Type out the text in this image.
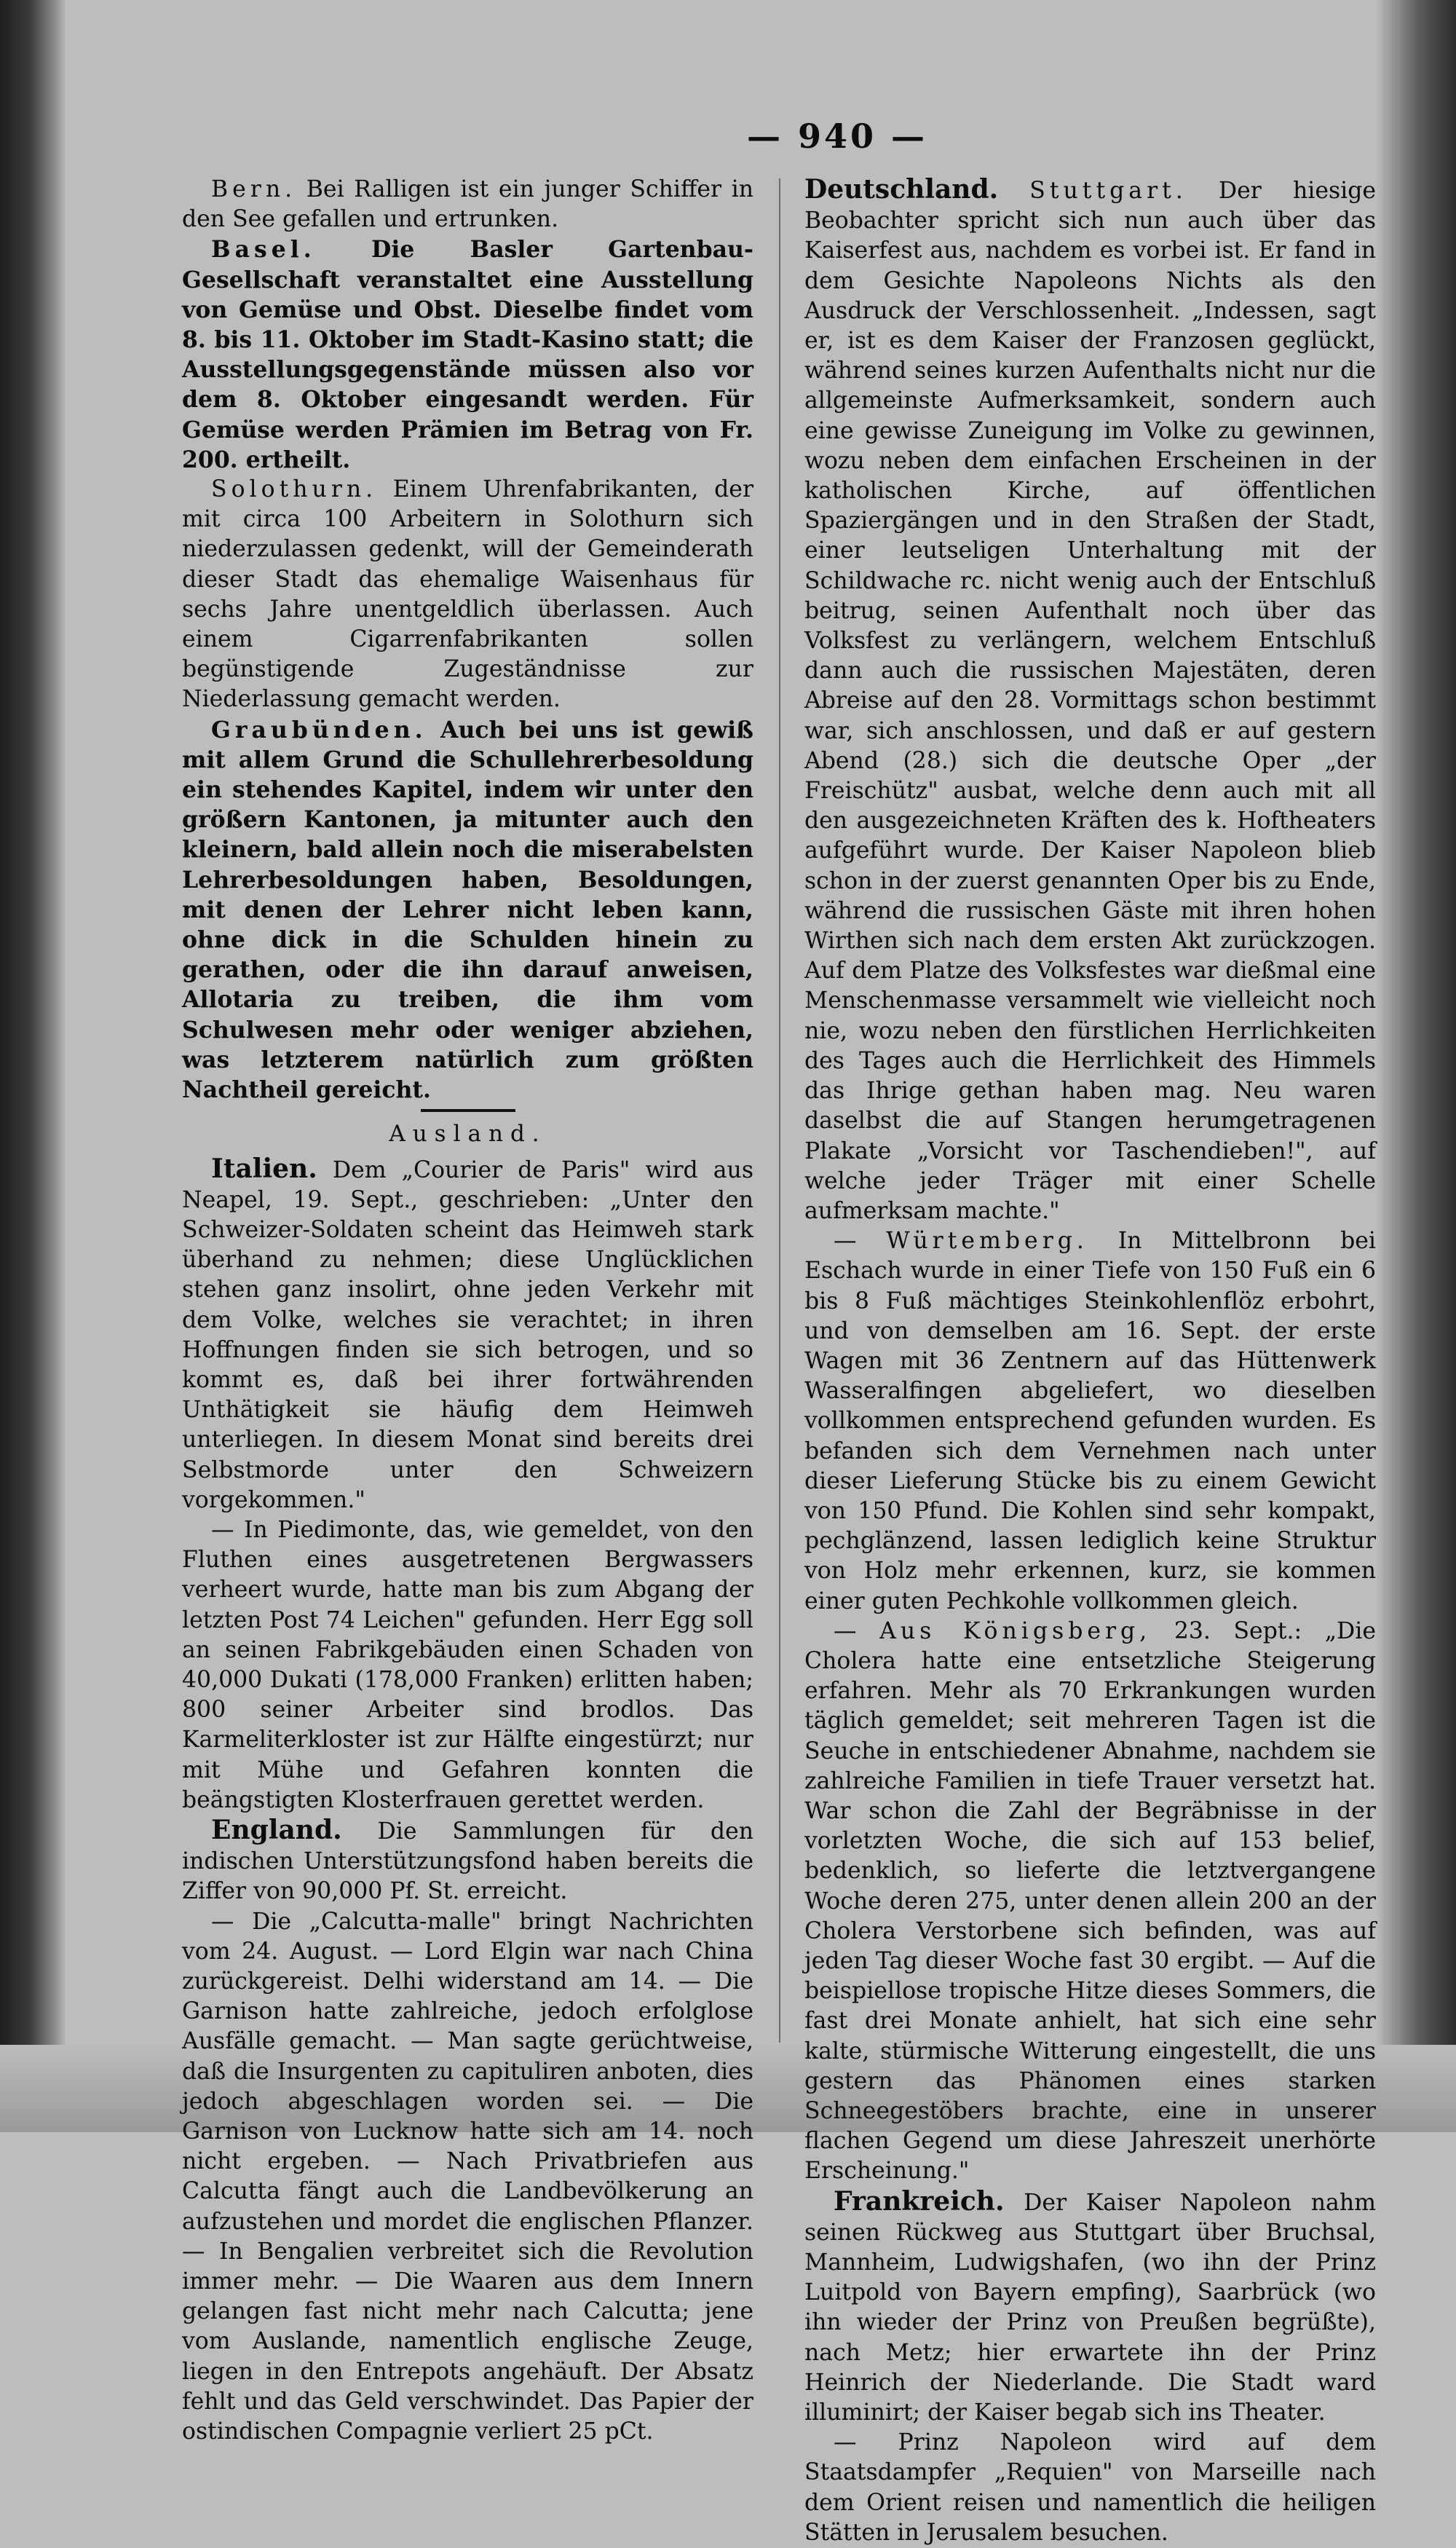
— 940 —

Bern. Bei Ralligen ist ein junger Schiffer in den See gefallen und ertrunken.

Basel. Die Basler Gartenbau-Gesellschaft veranstaltet eine Ausstellung von Gemüse und Obst. Dieselbe findet vom 8. bis 11. Oktober im Stadt-Kasino statt; die Ausstellungsgegenstände müssen also vor dem 8. Oktober eingesandt werden. Für Gemüse werden Prämien im Betrag von Fr. 200. ertheilt.

Solothurn. Einem Uhrenfabrikanten, der mit circa 100 Arbeitern in Solothurn sich niederzulassen gedenkt, will der Gemeinderath dieser Stadt das ehemalige Waisenhaus für sechs Jahre unentgeldlich überlassen. Auch einem Cigarrenfabrikanten sollen begünstigende Zugeständnisse zur Niederlassung gemacht werden.

Graubünden. Auch bei uns ist gewiß mit allem Grund die Schullehrerbesoldung ein stehendes Kapitel, indem wir unter den größern Kantonen, ja mitunter auch den kleinern, bald allein noch die miserabelsten Lehrerbesoldungen haben, Besoldungen, mit denen der Lehrer nicht leben kann, ohne dick in die Schulden hinein zu gerathen, oder die ihn darauf anweisen, Allotaria zu treiben, die ihm vom Schulwesen mehr oder weniger abziehen, was letzterem natürlich zum größten Nachtheil gereicht.

Ausland.

Italien. Dem „Courier de Paris" wird aus Neapel, 19. Sept., geschrieben: „Unter den Schweizer-Soldaten scheint das Heimweh stark überhand zu nehmen; diese Unglücklichen stehen ganz insolirt, ohne jeden Verkehr mit dem Volke, welches sie verachtet; in ihren Hoffnungen finden sie sich betrogen, und so kommt es, daß bei ihrer fortwährenden Unthätigkeit sie häufig dem Heimweh unterliegen. In diesem Monat sind bereits drei Selbstmorde unter den Schweizern vorgekommen."

— In Piedimonte, das, wie gemeldet, von den Fluthen eines ausgetretenen Bergwassers verheert wurde, hatte man bis zum Abgang der letzten Post 74 Leichen" gefunden. Herr Egg soll an seinen Fabrikgebäuden einen Schaden von 40,000 Dukati (178,000 Franken) erlitten haben; 800 seiner Arbeiter sind brodlos. Das Karmeliterkloster ist zur Hälfte eingestürzt; nur mit Mühe und Gefahren konnten die beängstigten Klosterfrauen gerettet werden.

England. Die Sammlungen für den indischen Unterstützungsfond haben bereits die Ziffer von 90,000 Pf. St. erreicht.

— Die „Calcutta-malle" bringt Nachrichten vom 24. August. — Lord Elgin war nach China zurückgereist. Delhi widerstand am 14. — Die Garnison hatte zahlreiche, jedoch erfolglose Ausfälle gemacht. — Man sagte gerüchtweise, daß die Insurgenten zu capituliren anboten, dies jedoch abgeschlagen worden sei. — Die Garnison von Lucknow hatte sich am 14. noch nicht ergeben. — Nach Privatbriefen aus Calcutta fängt auch die Landbevölkerung an aufzustehen und mordet die englischen Pflanzer. — In Bengalien verbreitet sich die Revolution immer mehr. — Die Waaren aus dem Innern gelangen fast nicht mehr nach Calcutta; jene vom Auslande, namentlich englische Zeuge, liegen in den Entrepots angehäuft. Der Absatz fehlt und das Geld verschwindet. Das Papier der ostindischen Compagnie verliert 25 pCt.

Deutschland. Stuttgart. Der hiesige Beobachter spricht sich nun auch über das Kaiserfest aus, nachdem es vorbei ist. Er fand in dem Gesichte Napoleons Nichts als den Ausdruck der Verschlossenheit. „Indessen, sagt er, ist es dem Kaiser der Franzosen geglückt, während seines kurzen Aufenthalts nicht nur die allgemeinste Aufmerksamkeit, sondern auch eine gewisse Zuneigung im Volke zu gewinnen, wozu neben dem einfachen Erscheinen in der katholischen Kirche, auf öffentlichen Spaziergängen und in den Straßen der Stadt, einer leutseligen Unterhaltung mit der Schildwache rc. nicht wenig auch der Entschluß beitrug, seinen Aufenthalt noch über das Volksfest zu verlängern, welchem Entschluß dann auch die russischen Majestäten, deren Abreise auf den 28. Vormittags schon bestimmt war, sich anschlossen, und daß er auf gestern Abend (28.) sich die deutsche Oper „der Freischütz" ausbat, welche denn auch mit all den ausgezeichneten Kräften des k. Hoftheaters aufgeführt wurde. Der Kaiser Napoleon blieb schon in der zuerst genannten Oper bis zu Ende, während die russischen Gäste mit ihren hohen Wirthen sich nach dem ersten Akt zurückzogen. Auf dem Platze des Volksfestes war dießmal eine Menschenmasse versammelt wie vielleicht noch nie, wozu neben den fürstlichen Herrlichkeiten des Tages auch die Herrlichkeit des Himmels das Ihrige gethan haben mag. Neu waren daselbst die auf Stangen herumgetragenen Plakate „Vorsicht vor Taschendieben!", auf welche jeder Träger mit einer Schelle aufmerksam machte."

— Würtemberg. In Mittelbronn bei Eschach wurde in einer Tiefe von 150 Fuß ein 6 bis 8 Fuß mächtiges Steinkohlenflöz erbohrt, und von demselben am 16. Sept. der erste Wagen mit 36 Zentnern auf das Hüttenwerk Wasseralfingen abgeliefert, wo dieselben vollkommen entsprechend gefunden wurden. Es befanden sich dem Vernehmen nach unter dieser Lieferung Stücke bis zu einem Gewicht von 150 Pfund. Die Kohlen sind sehr kompakt, pechglänzend, lassen lediglich keine Struktur von Holz mehr erkennen, kurz, sie kommen einer guten Pechkohle vollkommen gleich.

— Aus Königsberg, 23. Sept.: „Die Cholera hatte eine entsetzliche Steigerung erfahren. Mehr als 70 Erkrankungen wurden täglich gemeldet; seit mehreren Tagen ist die Seuche in entschiedener Abnahme, nachdem sie zahlreiche Familien in tiefe Trauer versetzt hat. War schon die Zahl der Begräbnisse in der vorletzten Woche, die sich auf 153 belief, bedenklich, so lieferte die letztvergangene Woche deren 275, unter denen allein 200 an der Cholera Verstorbene sich befinden, was auf jeden Tag dieser Woche fast 30 ergibt. — Auf die beispiellose tropische Hitze dieses Sommers, die fast drei Monate anhielt, hat sich eine sehr kalte, stürmische Witterung eingestellt, die uns gestern das Phänomen eines starken Schneegestöbers brachte, eine in unserer flachen Gegend um diese Jahreszeit unerhörte Erscheinung."

Frankreich. Der Kaiser Napoleon nahm seinen Rückweg aus Stuttgart über Bruchsal, Mannheim, Ludwigshafen, (wo ihn der Prinz Luitpold von Bayern empfing), Saarbrück (wo ihn wieder der Prinz von Preußen begrüßte), nach Metz; hier erwartete ihn der Prinz Heinrich der Niederlande. Die Stadt ward illuminirt; der Kaiser begab sich ins Theater.

— Prinz Napoleon wird auf dem Staatsdampfer „Requien" von Marseille nach dem Orient reisen und namentlich die heiligen Stätten in Jerusalem besuchen.
